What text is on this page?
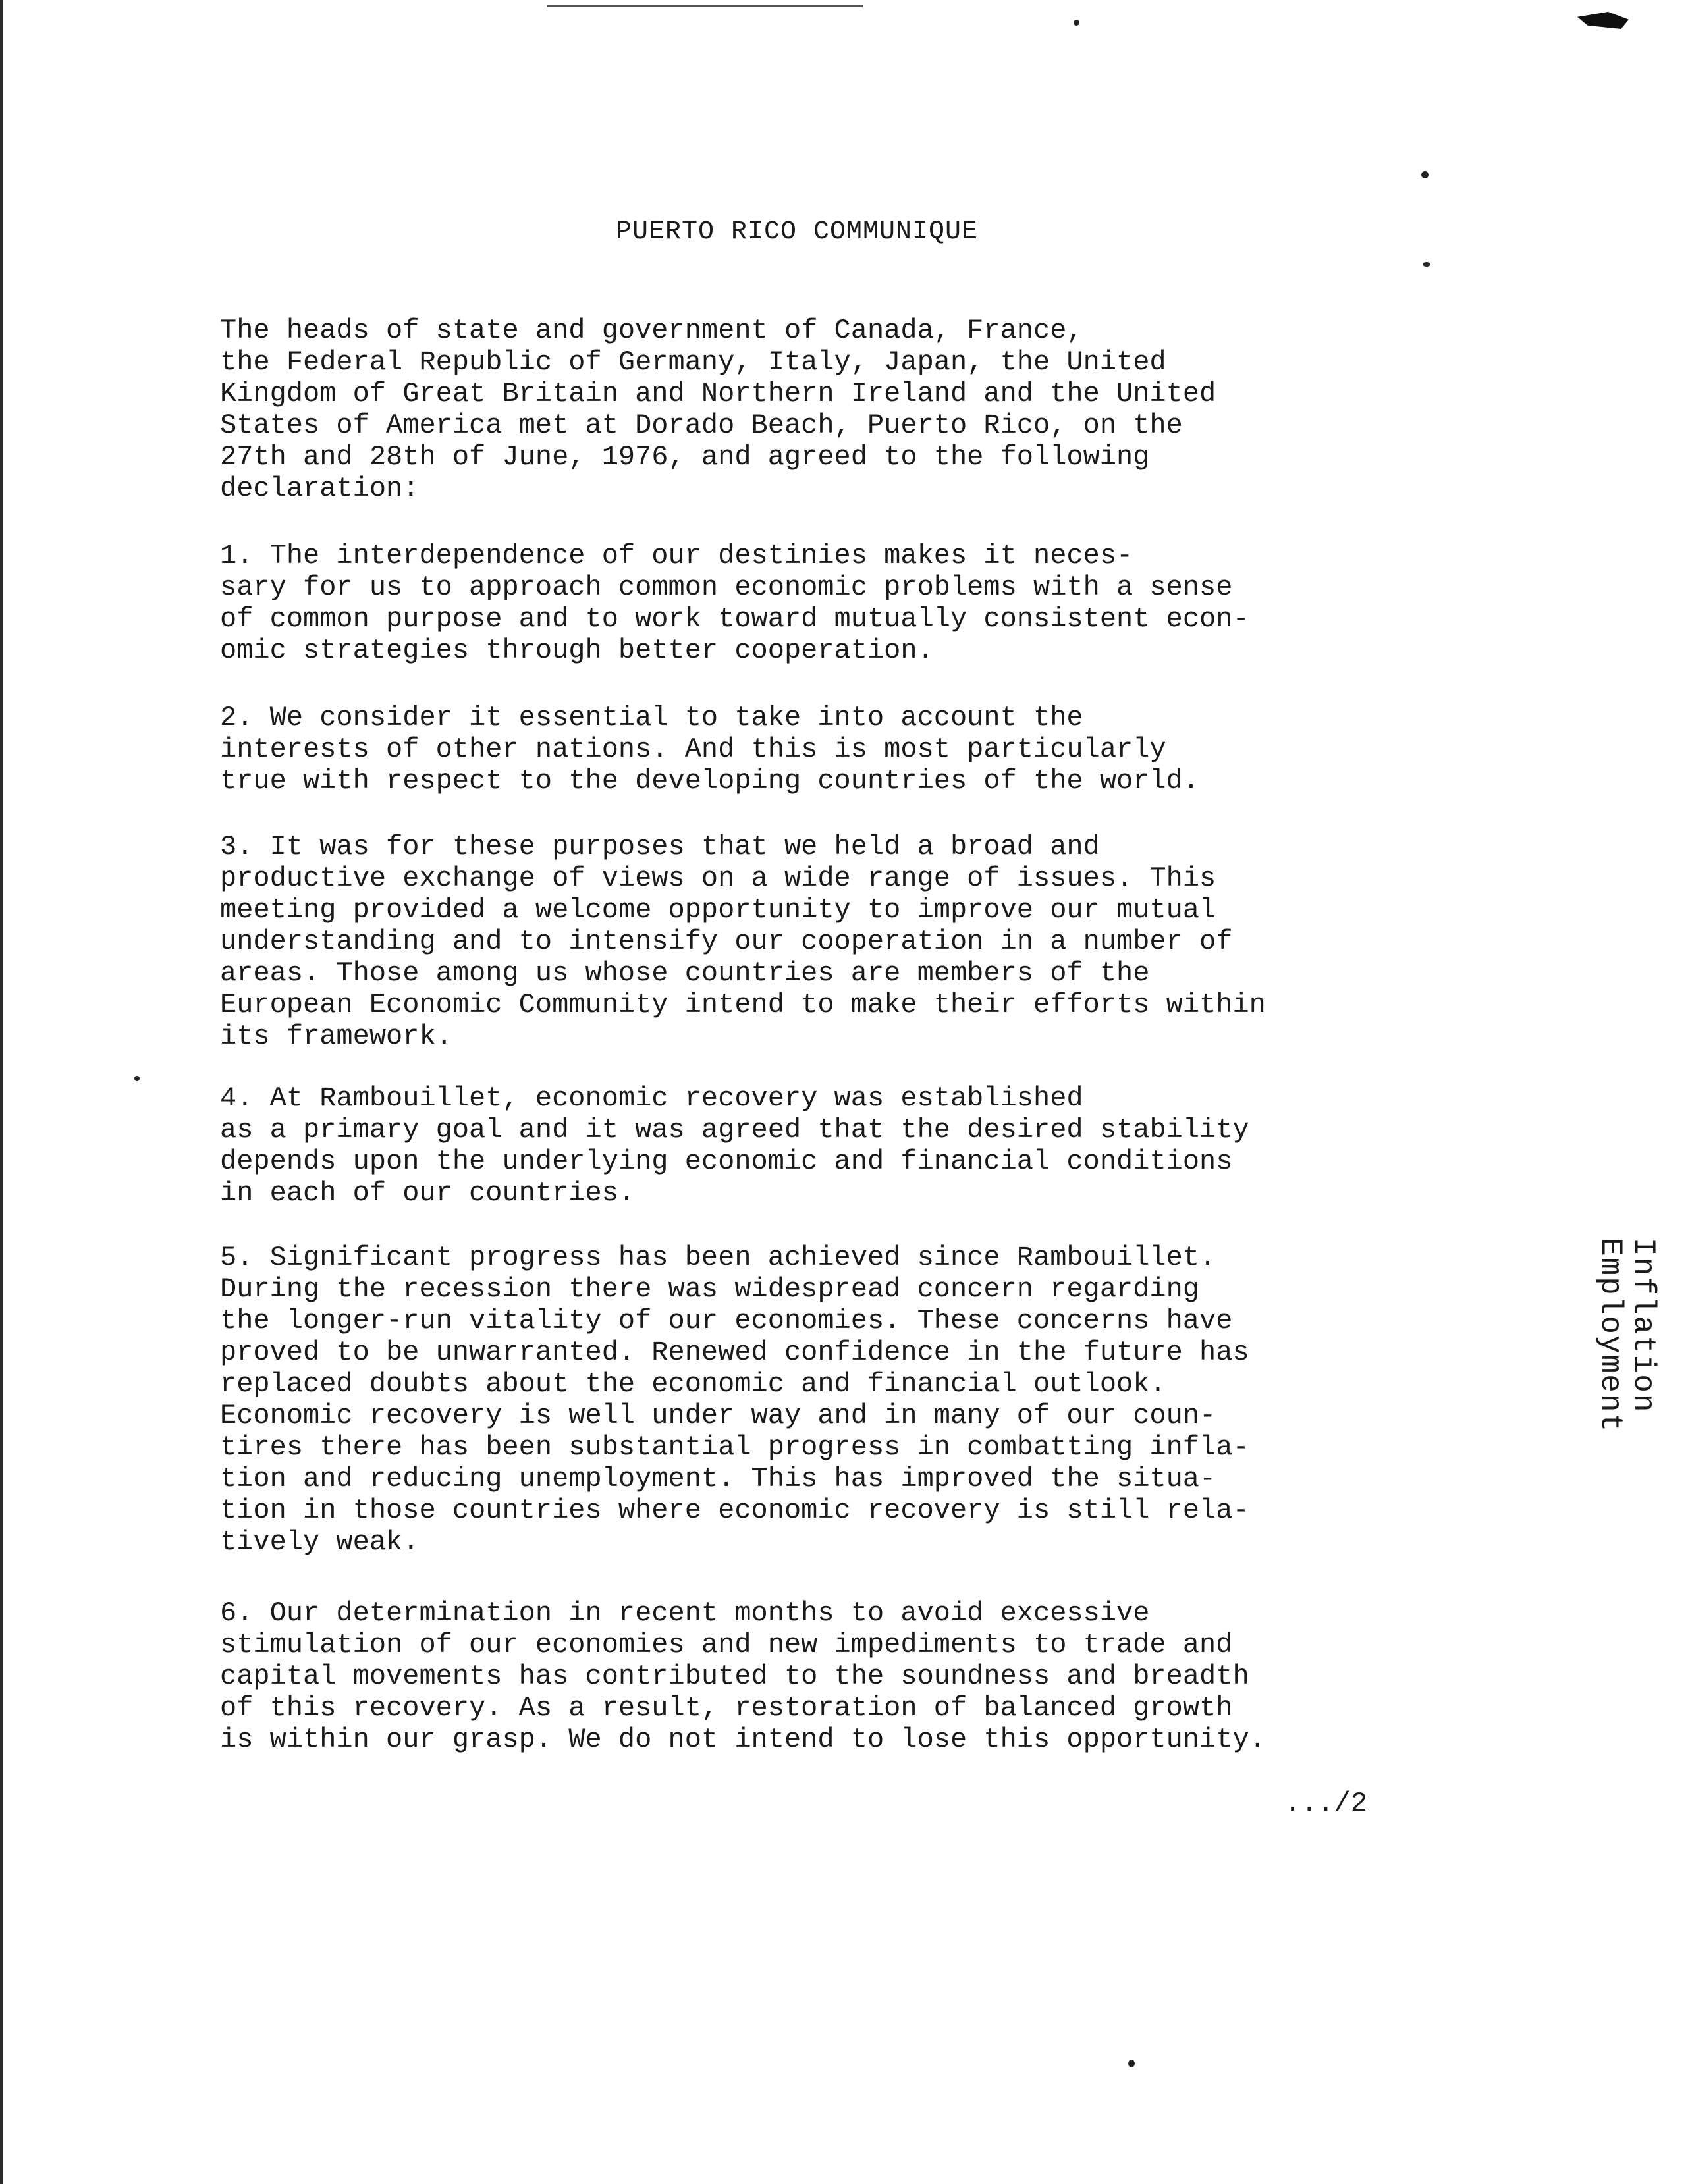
PUERTO RICO COMMUNIQUE

The heads of state and government of Canada, France,
the Federal Republic of Germany, Italy, Japan, the United
Kingdom of Great Britain and Northern Ireland and the United
States of America met at Dorado Beach, Puerto Rico, on the
27th and 28th of June, 1976, and agreed to the following
declaration:

1. The interdependence of our destinies makes it neces-
sary for us to approach common economic problems with a sense
of common purpose and to work toward mutually consistent econ-
omic strategies through better cooperation.

2. We consider it essential to take into account the
interests of other nations. And this is most particularly
true with respect to the developing countries of the world.

3. It was for these purposes that we held a broad and
productive exchange of views on a wide range of issues. This
meeting provided a welcome opportunity to improve our mutual
understanding and to intensify our cooperation in a number of
areas. Those among us whose countries are members of the
European Economic Community intend to make their efforts within
its framework.

4. At Rambouillet, economic recovery was established
as a primary goal and it was agreed that the desired stability
depends upon the underlying economic and financial conditions
in each of our countries.

5. Significant progress has been achieved since Rambouillet.
During the recession there was widespread concern regarding
the longer-run vitality of our economies. These concerns have
proved to be unwarranted. Renewed confidence in the future has
replaced doubts about the economic and financial outlook.
Economic recovery is well under way and in many of our coun-
tires there has been substantial progress in combatting infla-
tion and reducing unemployment. This has improved the situa-
tion in those countries where economic recovery is still rela-
tively weak.

6. Our determination in recent months to avoid excessive
stimulation of our economies and new impediments to trade and
capital movements has contributed to the soundness and breadth
of this recovery. As a result, restoration of balanced growth
is within our grasp. We do not intend to lose this opportunity.

Inflation
Employment
.../2
